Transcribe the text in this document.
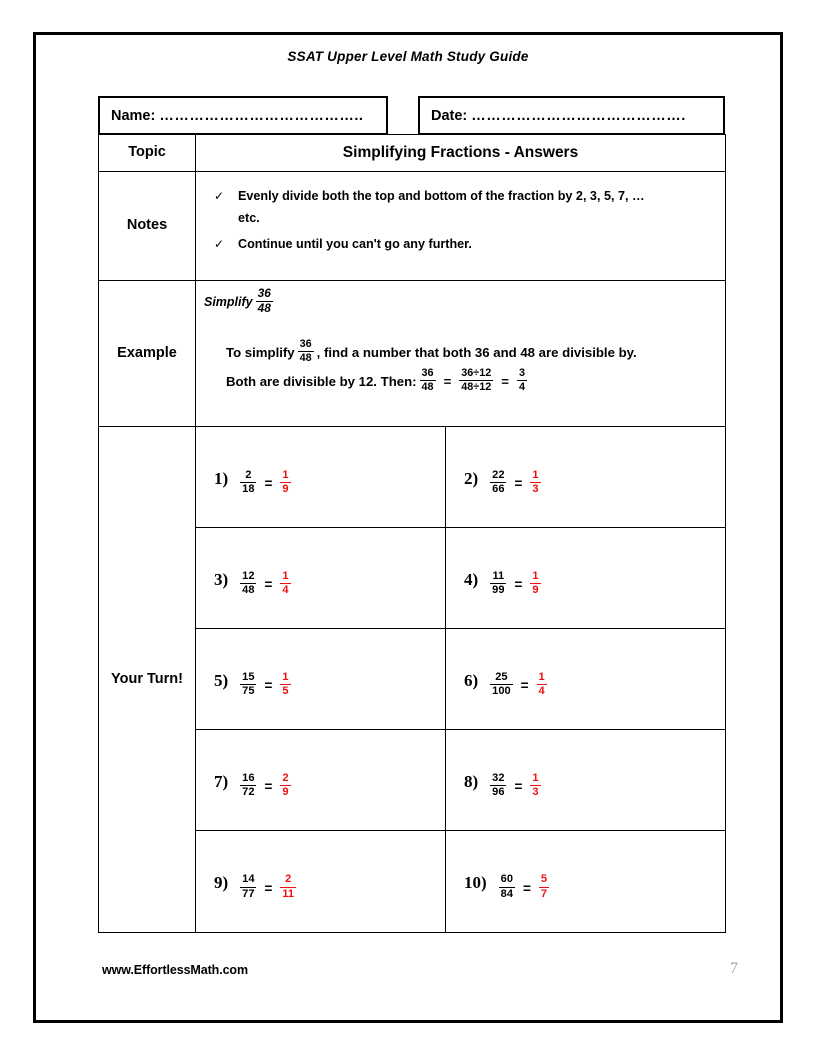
SSAT Upper Level Math Study Guide
Name: …………………………………..	Date: …………………………………….
Topic	Simplifying Fractions - Answers	

Notes	✓ Evenly divide both the top and bottom of the fraction by 2, 3, 5, 7, …
etc.
✓ Continue until you can't go any further.	

Example

Simplify $\frac{36}{48}$
To simplify $\frac{36}{48}$ , find a number that both 36 and 48 are divisible by.
Both are divisible by 12. Then: $\frac{36}{48} = \frac{36\div 12}{48\div 12} = \frac{3}{4}$

Your Turn!

$1) \frac{2}{18} = \frac{1}{9}$	$2) \frac{22}{66} = \frac{1}{3}$

$3) \frac{12}{48} = \frac{1}{4}$	$4) \frac{11}{99} = \frac{1}{9}$

$5) \frac{15}{75} = \frac{1}{5}$	$6) \frac{25}{100} = \frac{1}{4}$

$7) \frac{16}{72} = \frac{2}{9}$	$8) \frac{32}{96} = \frac{1}{3}$

$9) \frac{14}{77} = \frac{2}{11}$	$10) \frac{60}{84} = \frac{5}{7}$
www.EffortlessMath.com	7
